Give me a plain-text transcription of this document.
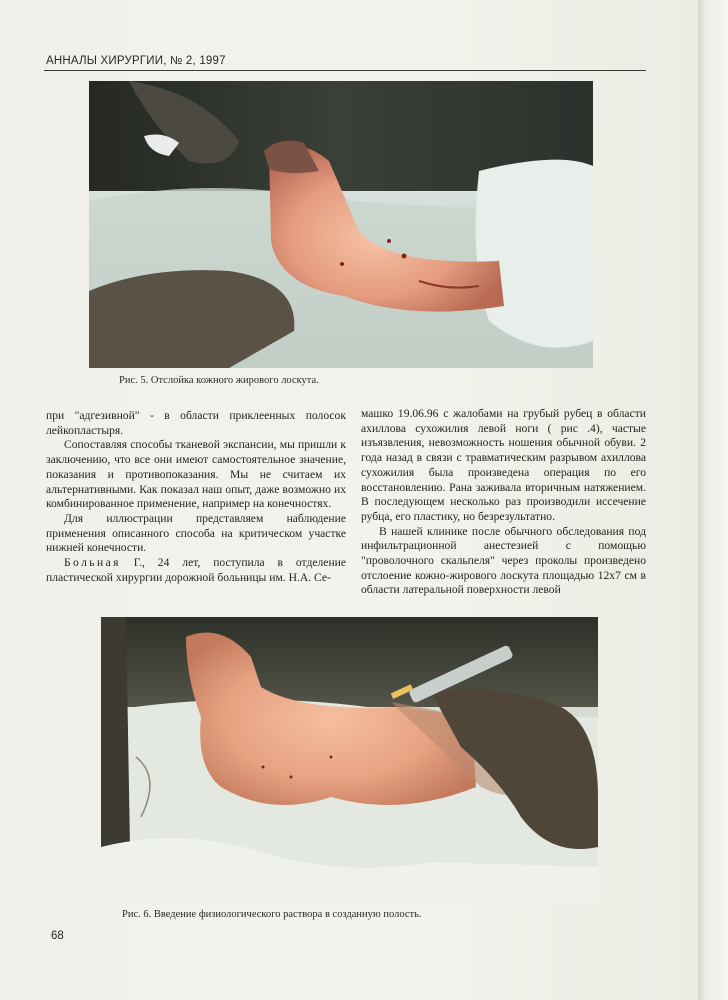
АННАЛЫ ХИРУРГИИ, № 2, 1997
Рис. 5. Отслойка кожного жирового лоскута.

при "адгезивной" - в области приклеенных полосок лейкопластыря.

Сопоставляя способы тканевой экспансии, мы пришли к заключению, что все они имеют самостоятельное значение, показания и противопоказания. Мы не считаем их альтернативными. Как показал наш опыт, даже возможно их комбинированное применение, например на конечностях.

Для иллюстрации представляем наблюдение применения описанного способа на критическом участке нижней конечности.

Больная Г., 24 лет, поступила в отделение пластической хирургии дорожной больницы им. Н.А. Се-

машко 19.06.96 с жалобами на грубый рубец в области ахиллова сухожилия левой ноги ( рис .4), частые изъязвления, невозможность ношения обычной обуви. 2 года назад в связи с травматическим разрывом ахиллова сухожилия была произведена операция по его восстановлению. Рана заживала вторичным натяжением. В последующем несколько раз производили иссечение рубца, его пластику, но безрезультатно.

В нашей клинике после обычного обследования под инфильтрационной анестезией с помощью "проволочного скальпеля" через проколы произведено отслоение кожно-жирового лоскута площадью 12х7 см в области латеральной поверхности левой

Рис. 6. Введение физиологического раствора в созданную полость.
68
